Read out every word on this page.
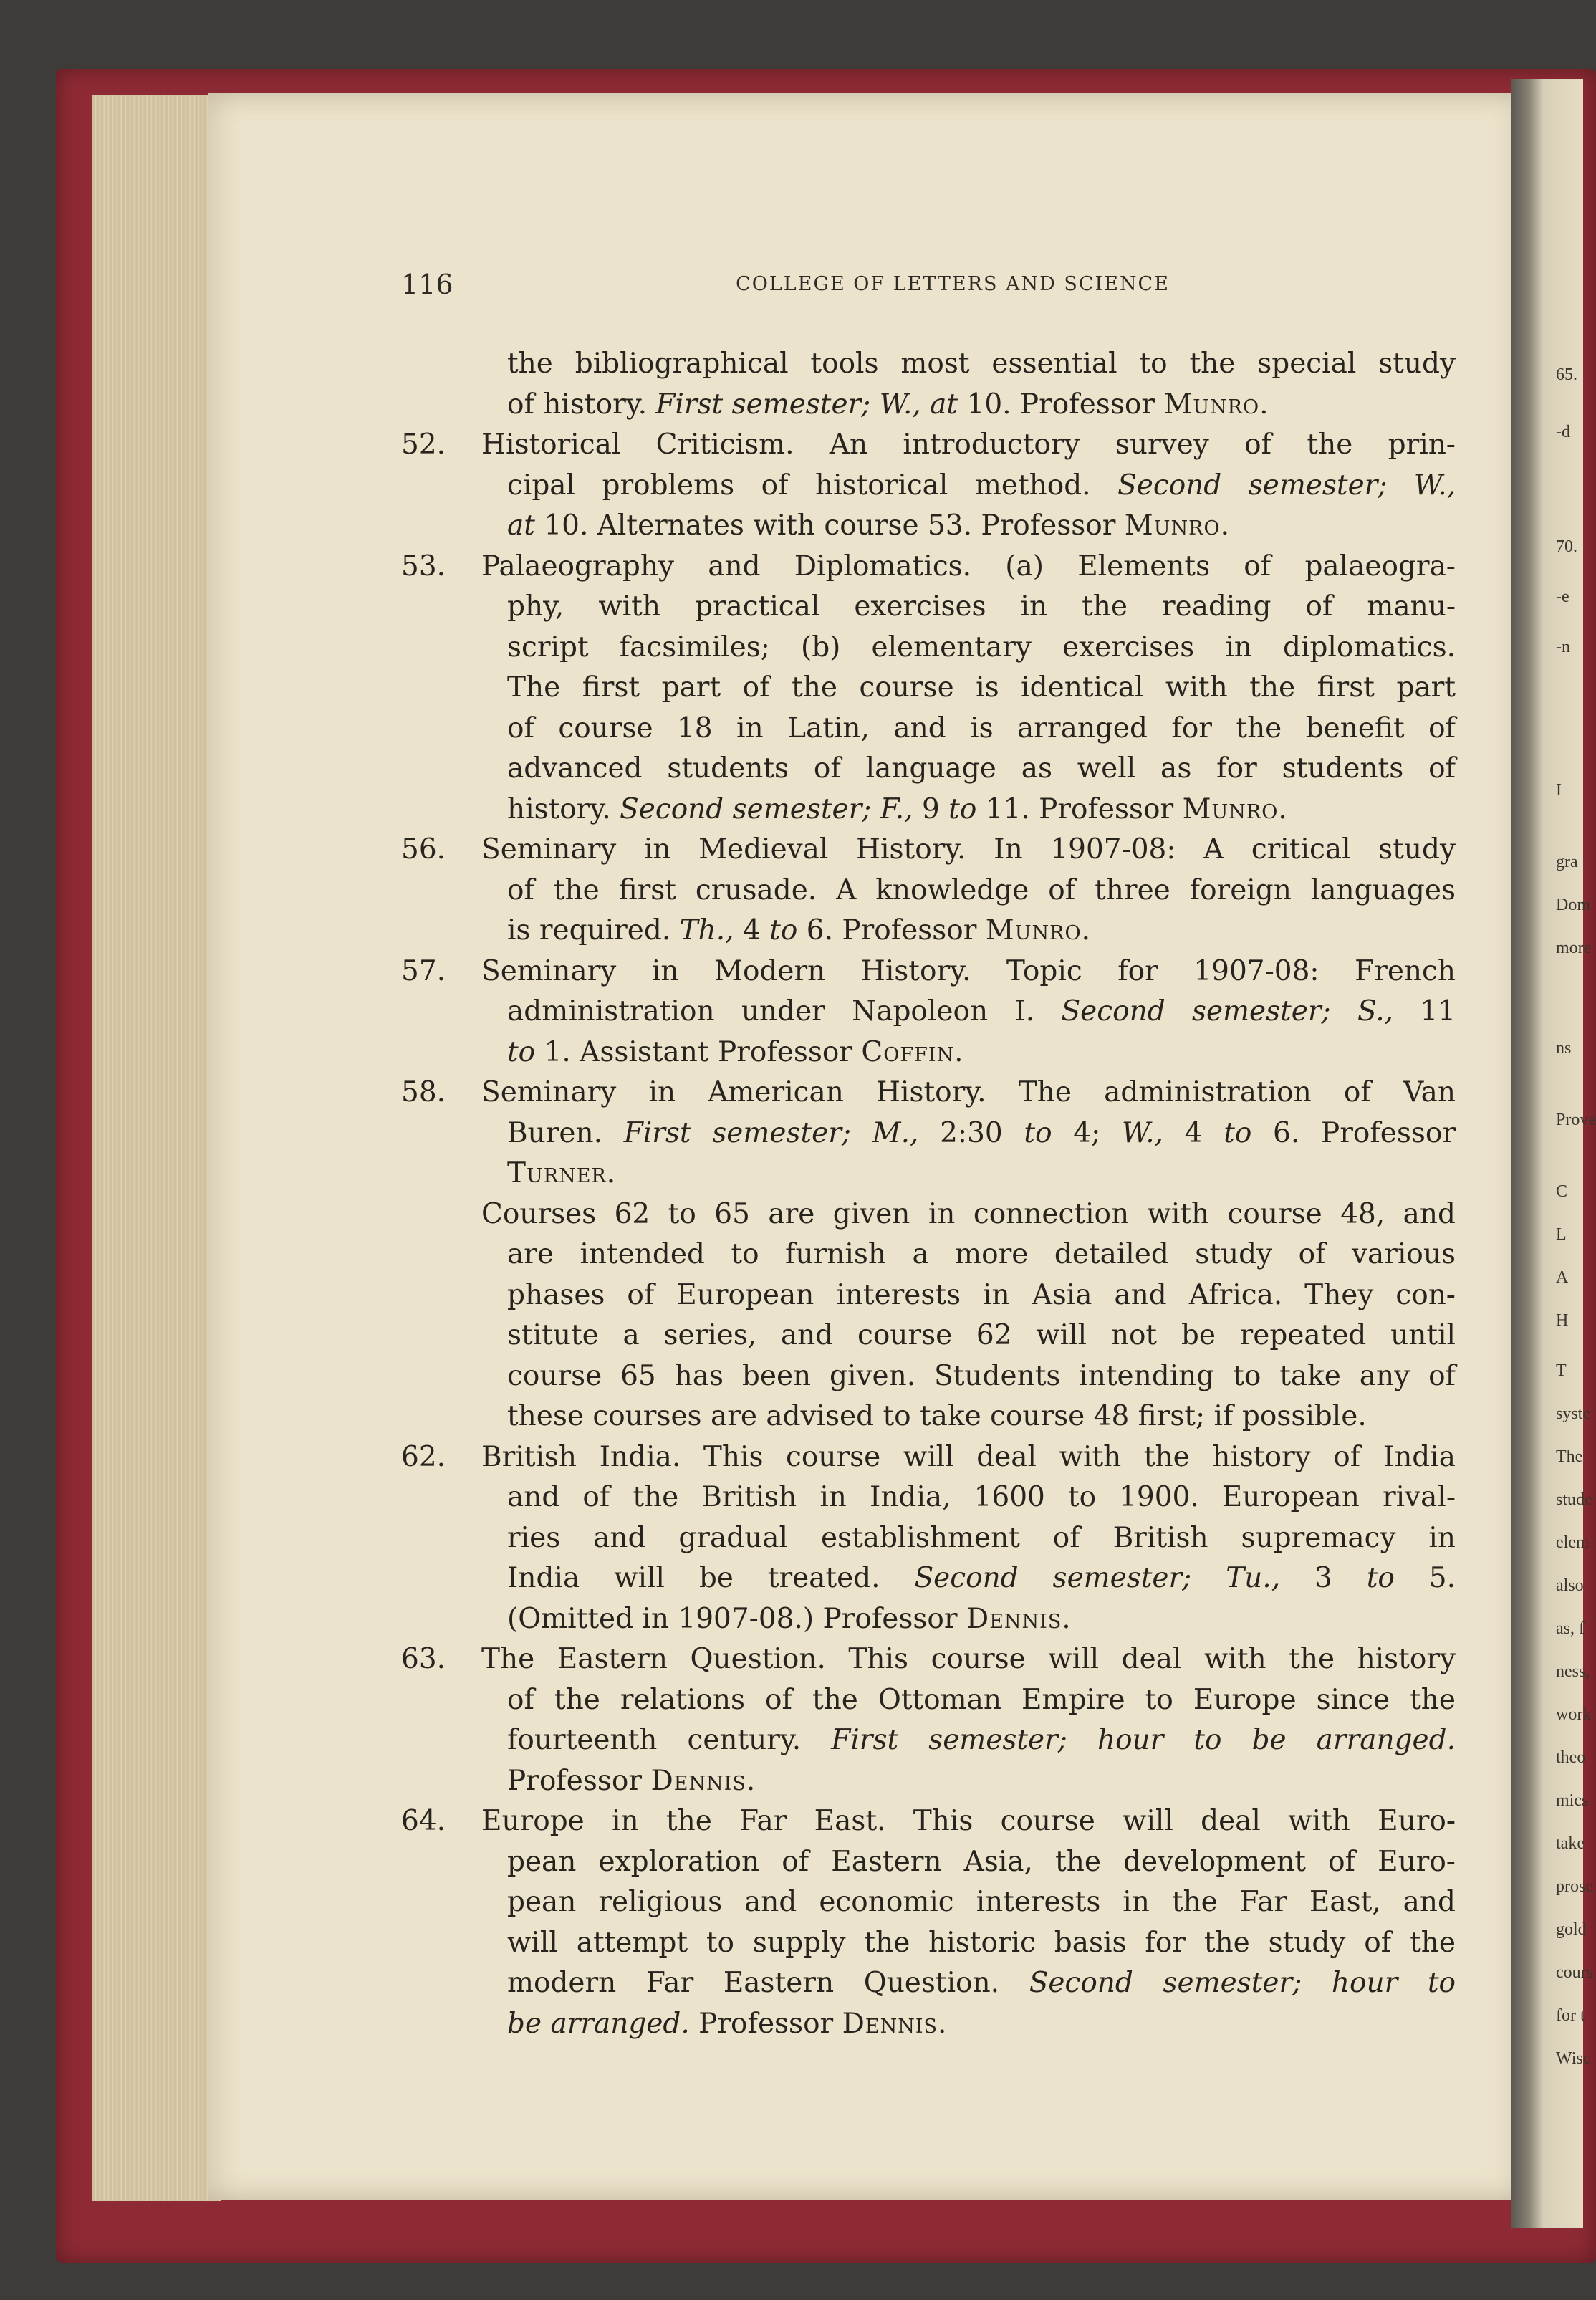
65.
-d
70.
-e
-n
I
gra
Dom
more
ns
Prove
C
L
A
H
T
syste
The
stude
elem
also
as, f
ness,
work
theo
mics
take
prose
gold
cours
for t
Wisc
116	COLLEGE OF LETTERS AND SCIENCE
the bibliographical tools most essential to the special study
of history. First semester; W., at 10. Professor Munro.
52. Historical Criticism. An introductory survey of the prin-
cipal problems of historical method. Second semester; W.,
at 10. Alternates with course 53. Professor Munro.
53. Palaeography and Diplomatics. (a) Elements of palaeogra-
phy, with practical exercises in the reading of manu-
script facsimiles; (b) elementary exercises in diplomatics.
The first part of the course is identical with the first part
of course 18 in Latin, and is arranged for the benefit of
advanced students of language as well as for students of
history. Second semester; F., 9 to 11. Professor Munro.
56. Seminary in Medieval History. In 1907-08: A critical study
of the first crusade. A knowledge of three foreign languages
is required. Th., 4 to 6. Professor Munro.
57. Seminary in Modern History. Topic for 1907-08: French
administration under Napoleon I. Second semester; S., 11
to 1. Assistant Professor Coffin.
58. Seminary in American History. The administration of Van
Buren. First semester; M., 2:30 to 4; W., 4 to 6. Professor
Turner.
Courses 62 to 65 are given in connection with course 48, and
are intended to furnish a more detailed study of various
phases of European interests in Asia and Africa. They con-
stitute a series, and course 62 will not be repeated until
course 65 has been given. Students intending to take any of
these courses are advised to take course 48 first; if possible.
62. British India. This course will deal with the history of India
and of the British in India, 1600 to 1900. European rival-
ries and gradual establishment of British supremacy in
India will be treated. Second semester; Tu., 3 to 5.
(Omitted in 1907-08.) Professor Dennis.
63. The Eastern Question. This course will deal with the history
of the relations of the Ottoman Empire to Europe since the
fourteenth century. First semester; hour to be arranged.
Professor Dennis.
64. Europe in the Far East. This course will deal with Euro-
pean exploration of Eastern Asia, the development of Euro-
pean religious and economic interests in the Far East, and
will attempt to supply the historic basis for the study of the
modern Far Eastern Question. Second semester; hour to
be arranged. Professor Dennis.
